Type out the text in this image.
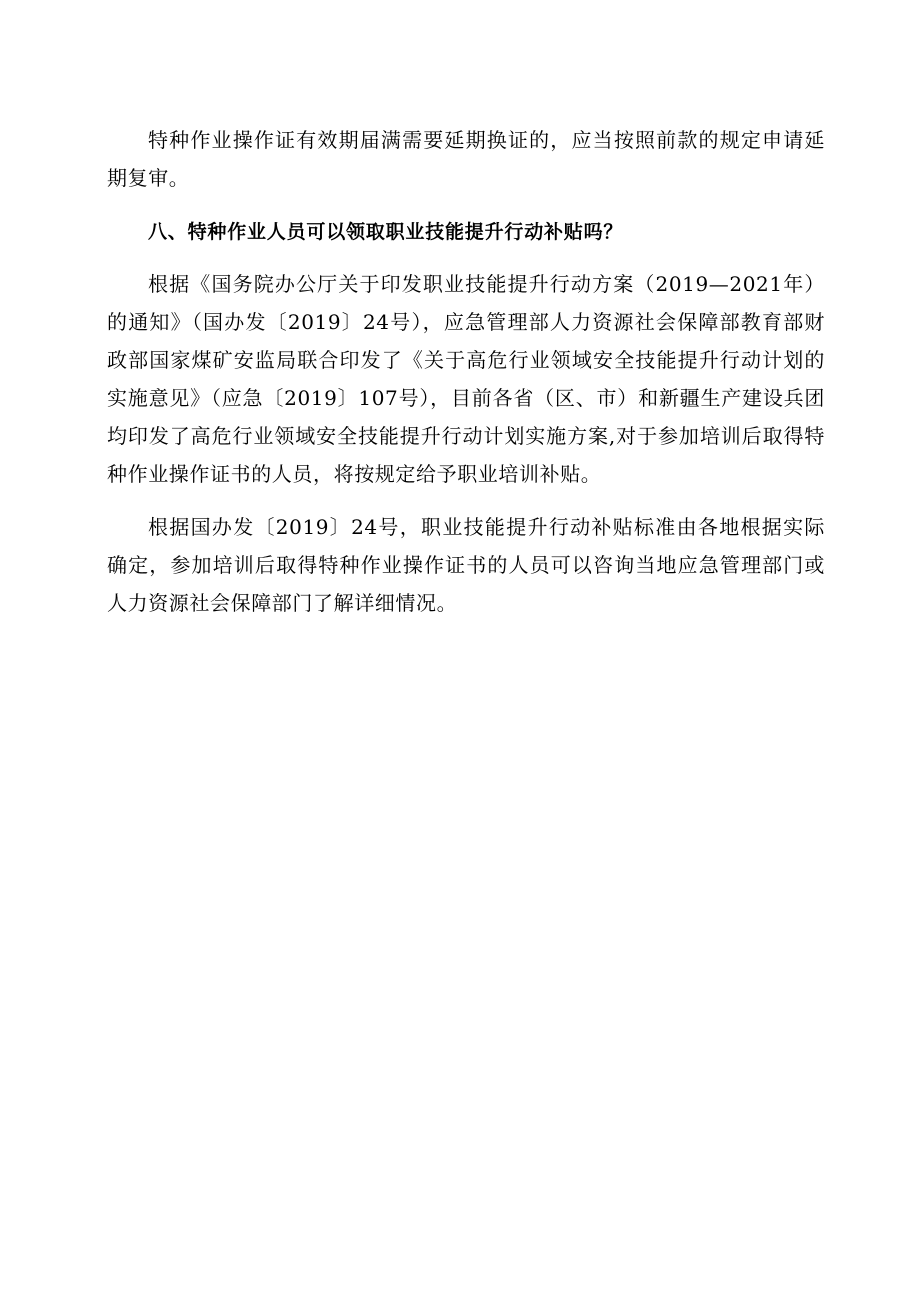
特种作业操作证有效期届满需要延期换证的，应当按照前款的规定申请延期复审。

八、特种作业人员可以领取职业技能提升行动补贴吗？

根据《国务院办公厅关于印发职业技能提升行动方案（2019—2021年）的通知》（国办发〔2019〕24号），应急管理部人力资源社会保障部教育部财政部国家煤矿安监局联合印发了《关于高危行业领域安全技能提升行动计划的实施意见》（应急〔2019〕107号），目前各省（区、市）和新疆生产建设兵团均印发了高危行业领域安全技能提升行动计划实施方案,对于参加培训后取得特种作业操作证书的人员，将按规定给予职业培训补贴。

根据国办发〔2019〕24号，职业技能提升行动补贴标准由各地根据实际确定，参加培训后取得特种作业操作证书的人员可以咨询当地应急管理部门或人力资源社会保障部门了解详细情况。
